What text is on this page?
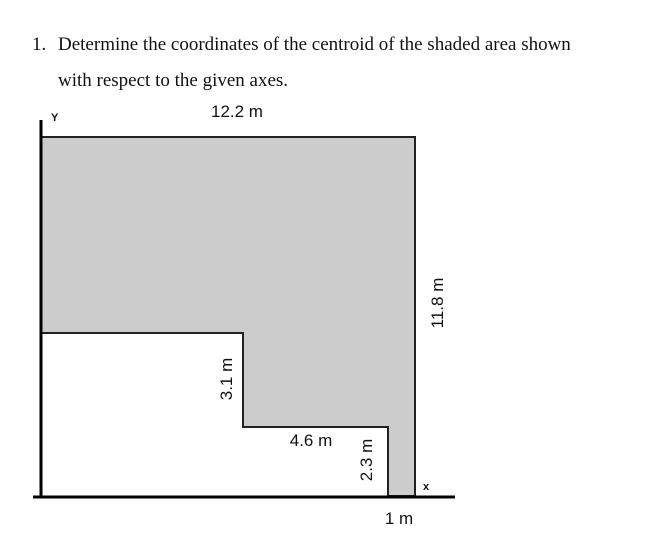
1. Determine the coordinates of the centroid of the shaded area shown
with respect to the given axes.

Y
x
12.2 m
11.8 m
3.1 m
4.6 m 2.3 m
1 m
